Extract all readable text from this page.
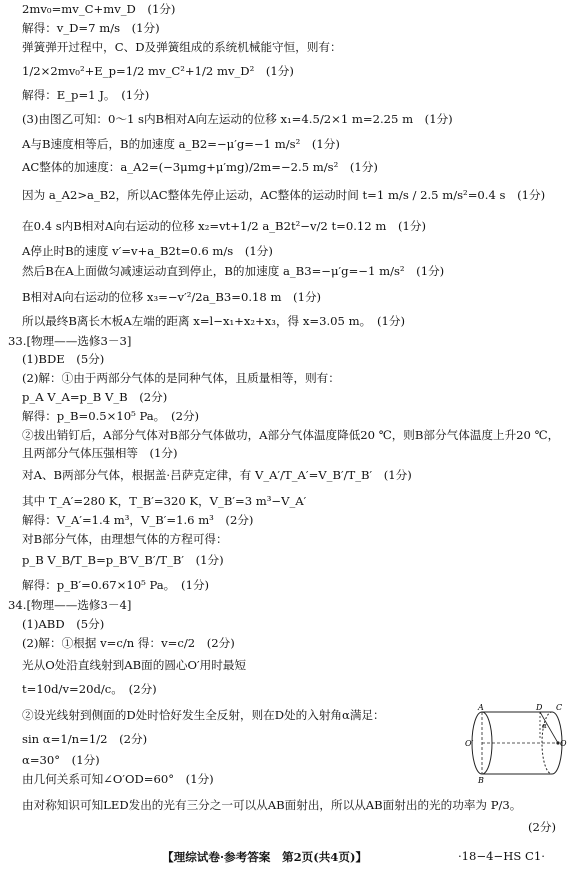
2mv₀=mv_C+mv_D　(1分)
解得：v_D=7 m/s　(1分)
弹簧弹开过程中，C、D及弹簧组成的系统机械能守恒，则有：
1/2×2mv₀²+E_p=1/2 mv_C²+1/2 mv_D²　(1分)
解得：E_p=1 J。　(1分)
(3)由图乙可知：0～1 s内B相对A向左运动的位移 x₁=4.5/2×1 m=2.25 m　(1分)
A与B速度相等后，B的加速度 a_B2=−μ′g=−1 m/s²　(1分)
AC整体的加速度：a_A2=(−3μmg+μ′mg)/2m=−2.5 m/s²　(1分)
因为 a_A2>a_B2，所以AC整体先停止运动，AC整体的运动时间 t=1 m/s / 2.5 m/s²=0.4 s　(1分)
在0.4 s内B相对A向右运动的位移 x₂=vt+1/2 a_B2t²−v/2 t=0.12 m　(1分)
A停止时B的速度 v′=v+a_B2t=0.6 m/s　(1分)
然后B在A上面做匀减速运动直到停止，B的加速度 a_B3=−μ′g=−1 m/s²　(1分)
B相对A向右运动的位移 x₃=−v′²/2a_B3=0.18 m　(1分)
所以最终B离长木板A左端的距离 x=l−x₁+x₂+x₃，得 x=3.05 m。　(1分)
33.[物理——选修3－3]
(1)BDE　(5分)
(2)解：①由于两部分气体的是同种气体，且质量相等，则有：
p_A V_A=p_B V_B　(2分)
解得：p_B=0.5×10⁵ Pa。　(2分)
②拔出销钉后，A部分气体对B部分气体做功，A部分气体温度降低20 ℃，则B部分气体温度上升20 ℃，
且两部分气体压强相等　(1分)
对A、B两部分气体，根据盖·吕萨克定律，有 V_A′/T_A′=V_B′/T_B′　(1分)
其中 T_A′=280 K，T_B′=320 K，V_B′=3 m³−V_A′
解得：V_A′=1.4 m³，V_B′=1.6 m³　(2分)
对B部分气体，由理想气体的方程可得：
p_B V_B/T_B=p_B′V_B′/T_B′　(1分)
解得：p_B′=0.67×10⁵ Pa。　(1分)
34.[物理——选修3－4]
(1)ABD　(5分)
(2)解：①根据 v=c/n 得：v=c/2　(2分)
光从O处沿直线射到AB面的圆心O′用时最短
t=10d/v=20d/c。　(2分)
②设光线射到侧面的D处时恰好发生全反射，则在D处的入射角α满足：
sin α=1/n=1/2　(2分)
α=30°　(1分)
由几何关系可知∠O′OD=60°　(1分)
由对称知识可知LED发出的光有三分之一可以从AB面射出，所以从AB面射出的光的功率为 P/3。
(2分)
A	D C
O′
α
O
B
【理综试卷·参考答案　第2页(共4页)】	·18−4−HS C1·
